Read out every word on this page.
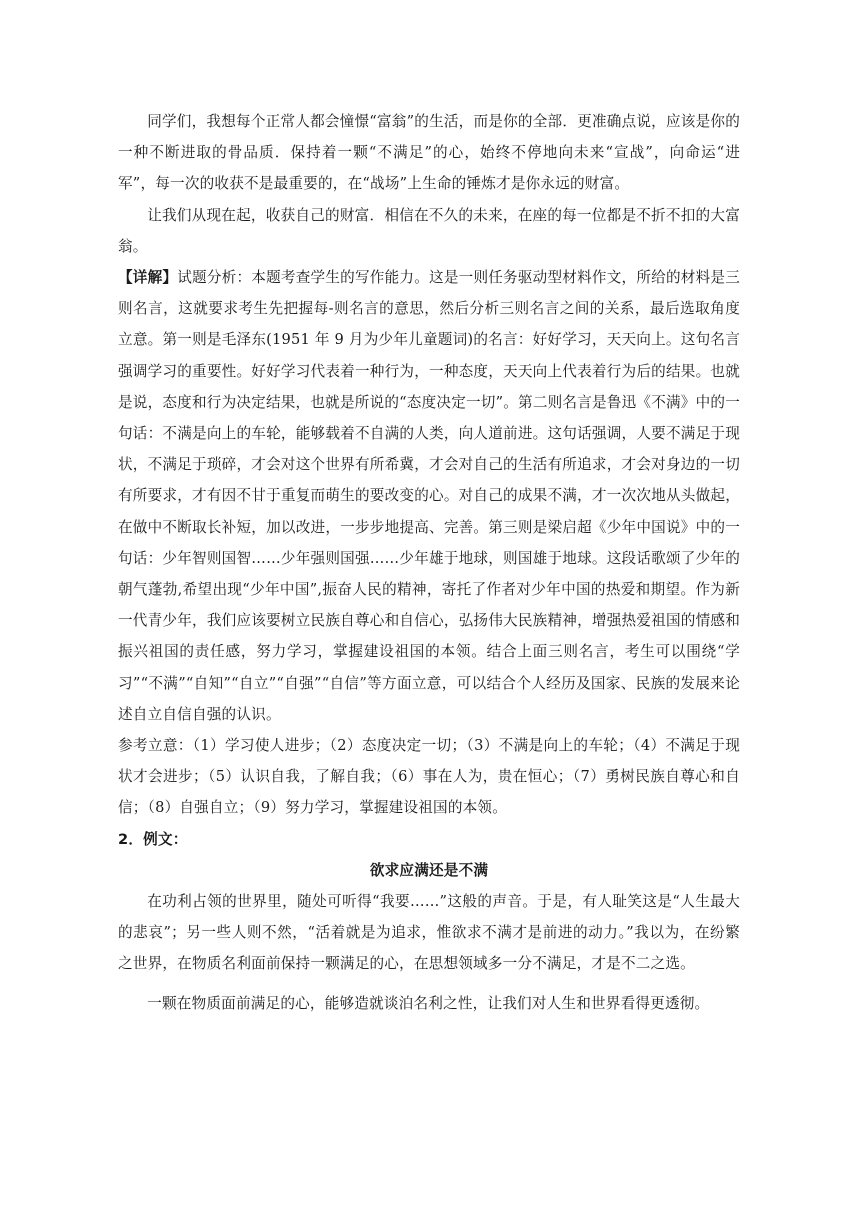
同学们，我想每个正常人都会憧憬“富翁”的生活，而是你的全部．更准确点说，应该是你的一种不断进取的骨品质．保持着一颗“不满足”的心，始终不停地向未来“宣战”，向命运“进军”，每一次的收获不是最重要的，在“战场”上生命的锤炼才是你永远的财富。

让我们从现在起，收获自己的财富．相信在不久的未来，在座的每一位都是不折不扣的大富翁。

【详解】试题分析：本题考查学生的写作能力。这是一则任务驱动型材料作文，所给的材料是三则名言，这就要求考生先把握每-则名言的意思，然后分析三则名言之间的关系，最后选取角度立意。第一则是毛泽东(1951 年 9 月为少年儿童题词)的名言：好好学习，天天向上。这句名言强调学习的重要性。好好学习代表着一种行为，一种态度，天天向上代表着行为后的结果。也就是说，态度和行为决定结果，也就是所说的“态度决定一切”。第二则名言是鲁迅《不满》中的一句话：不满是向上的车轮，能够载着不自满的人类，向人道前进。这句话强调，人要不满足于现状，不满足于琐碎，才会对这个世界有所希冀，才会对自己的生活有所追求，才会对身边的一切有所要求，才有因不甘于重复而萌生的要改变的心。对自己的成果不满，才一次次地从头做起，在做中不断取长补短，加以改进，一步步地提高、完善。第三则是梁启超《少年中国说》中的一句话：少年智则国智……少年强则国强……少年雄于地球，则国雄于地球。这段话歌颂了少年的朝气蓬勃,希望出现“少年中国”,振奋人民的精神，寄托了作者对少年中国的热爱和期望。作为新一代青少年，我们应该要树立民族自尊心和自信心，弘扬伟大民族精神，增强热爱祖国的情感和振兴祖国的责任感，努力学习，掌握建设祖国的本领。结合上面三则名言，考生可以围绕“学习”“不满”“自知”“自立”“自强”“自信”等方面立意，可以结合个人经历及国家、民族的发展来论述自立自信自强的认识。

参考立意：（1）学习使人进步；（2）态度决定一切；（3）不满是向上的车轮；（4）不满足于现状才会进步；（5）认识自我，了解自我；（6）事在人为，贵在恒心；（7）勇树民族自尊心和自信；（8）自强自立；（9）努力学习，掌握建设祖国的本领。

2．例文：

欲求应满还是不满

在功利占领的世界里，随处可听得“我要……”这般的声音。于是，有人耻笑这是“人生最大的悲哀”；另一些人则不然，“活着就是为追求，惟欲求不满才是前进的动力。”我以为，在纷繁之世界，在物质名利面前保持一颗满足的心，在思想领域多一分不满足，才是不二之选。

一颗在物质面前满足的心，能够造就谈泊名利之性，让我们对人生和世界看得更透彻。
